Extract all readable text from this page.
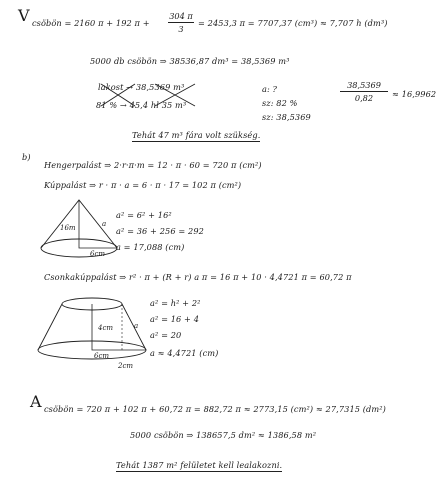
V csöbön = 2160 π + 192 π +
304 π
3
= 2453,3 π = 7707,37 (cm³) ≈ 7,707 h (dm³)
5000 db csöbön ⇒ 38536,87 dm³ = 38,5369 m³
lakost → 38,5369 m³
81 % → 45,4 hl 35 m³
a: ?
sz: 82 %
sz: 38,5369
38,5369
0,82	≈ 16,9962
Tehát 47 m³ fára volt szükség.
b)
Hengerpalást ⇒ 2·r·π·m = 12 · π · 60 = 720 π (cm²)
Kúppalást ⇒ r · π · a = 6 · π · 17 = 102 π (cm²)
16m	a
6cm
a² = 6² + 16²
a² = 36 + 256 = 292
a = 17,088 (cm)
Csonkakúppalást ⇒ r² · π + (R + r) a π = 16 π + 10 · 4,4721 π = 60,72 π
4cm	a
6cm
2cm
a² = h² + 2²
a² = 16 + 4
a² = 20
a ≈ 4,4721 (cm)
A csöbön = 720 π + 102 π + 60,72 π = 882,72 π ≈ 2773,15 (cm²) ≈ 27,7315 (dm²)
5000 csöbön ⇒ 138657,5 dm² ≈ 1386,58 m²
Tehát 1387 m² felületet kell lealakozni.
